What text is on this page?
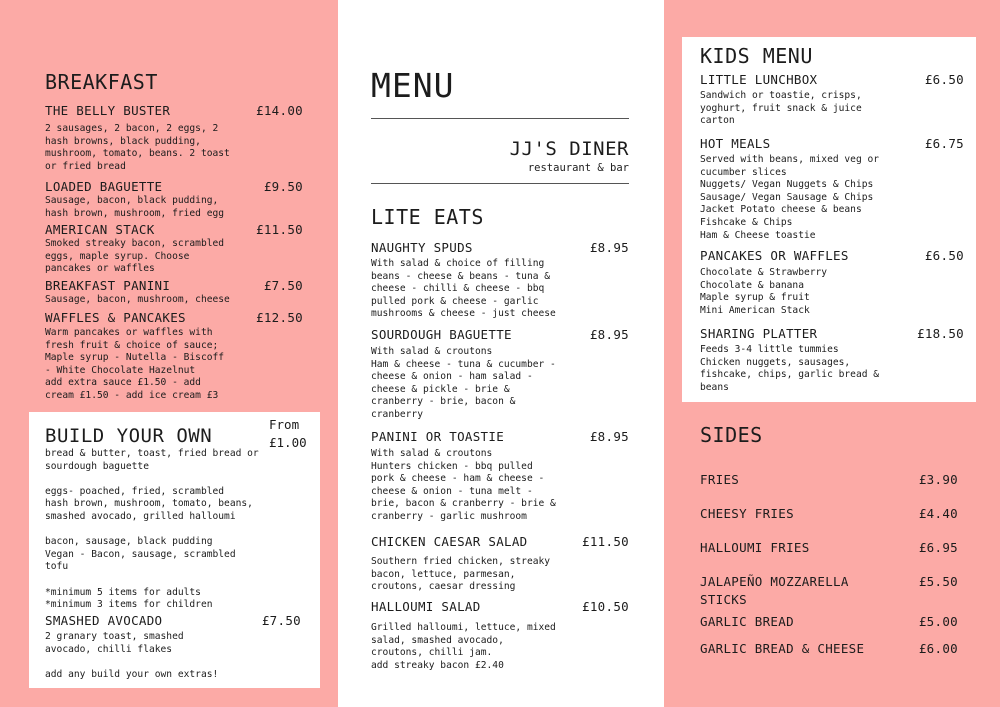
BREAKFAST
THE BELLY BUSTER	£14.00
2 sausages, 2 bacon, 2 eggs, 2
hash browns, black pudding,
mushroom, tomato, beans. 2 toast
or fried bread
LOADED BAGUETTE	£9.50
Sausage, bacon, black pudding,
hash brown, mushroom, fried egg
AMERICAN STACK	£11.50
Smoked streaky bacon, scrambled
eggs, maple syrup. Choose
pancakes or waffles
BREAKFAST PANINI	£7.50
Sausage, bacon, mushroom, cheese
WAFFLES & PANCAKES	£12.50
Warm pancakes or waffles with
fresh fruit & choice of sauce;
Maple syrup - Nutella - Biscoff
- White Chocolate Hazelnut
add extra sauce £1.50 - add
cream £1.50 - add ice cream £3
BUILD YOUR OWN
From
£1.00
bread & butter, toast, fried bread or
sourdough baguette

eggs- poached, fried, scrambled
hash brown, mushroom, tomato, beans,
smashed avocado, grilled halloumi

bacon, sausage, black pudding
Vegan - Bacon, sausage, scrambled
tofu

*minimum 5 items for adults
*minimum 3 items for children
SMASHED AVOCADO	£7.50
2 granary toast, smashed
avocado, chilli flakes
add any build your own extras!
MENU
JJ'S DINER
restaurant & bar
LITE EATS
NAUGHTY SPUDS	£8.95
With salad & choice of filling
beans - cheese & beans - tuna &
cheese - chilli & cheese - bbq
pulled pork & cheese - garlic
mushrooms & cheese - just cheese
SOURDOUGH BAGUETTE	£8.95
With salad & croutons
Ham & cheese - tuna & cucumber -
cheese & onion - ham salad -
cheese & pickle - brie &
cranberry - brie, bacon &
cranberry
PANINI OR TOASTIE	£8.95
With salad & croutons
Hunters chicken - bbq pulled
pork & cheese - ham & cheese -
cheese & onion - tuna melt -
brie, bacon & cranberry - brie &
cranberry - garlic mushroom
CHICKEN CAESAR SALAD	£11.50
Southern fried chicken, streaky
bacon, lettuce, parmesan,
croutons, caesar dressing
HALLOUMI SALAD	£10.50
Grilled halloumi, lettuce, mixed
salad, smashed avocado,
croutons, chilli jam.
add streaky bacon £2.40
KIDS MENU
LITTLE LUNCHBOX	£6.50
Sandwich or toastie, crisps,
yoghurt, fruit snack & juice
carton
HOT MEALS	£6.75
Served with beans, mixed veg or
cucumber slices
Nuggets/ Vegan Nuggets & Chips
Sausage/ Vegan Sausage & Chips
Jacket Potato cheese & beans
Fishcake & Chips
Ham & Cheese toastie
PANCAKES OR WAFFLES	£6.50
Chocolate & Strawberry
Chocolate & banana
Maple syrup & fruit
Mini American Stack
SHARING PLATTER	£18.50
Feeds 3-4 little tummies
Chicken nuggets, sausages,
fishcake, chips, garlic bread &
beans
SIDES
FRIES	£3.90
CHEESY FRIES	£4.40
HALLOUMI FRIES	£6.95
JALAPEÑO MOZZARELLA	£5.50
STICKS
GARLIC BREAD	£5.00
GARLIC BREAD & CHEESE	£6.00
